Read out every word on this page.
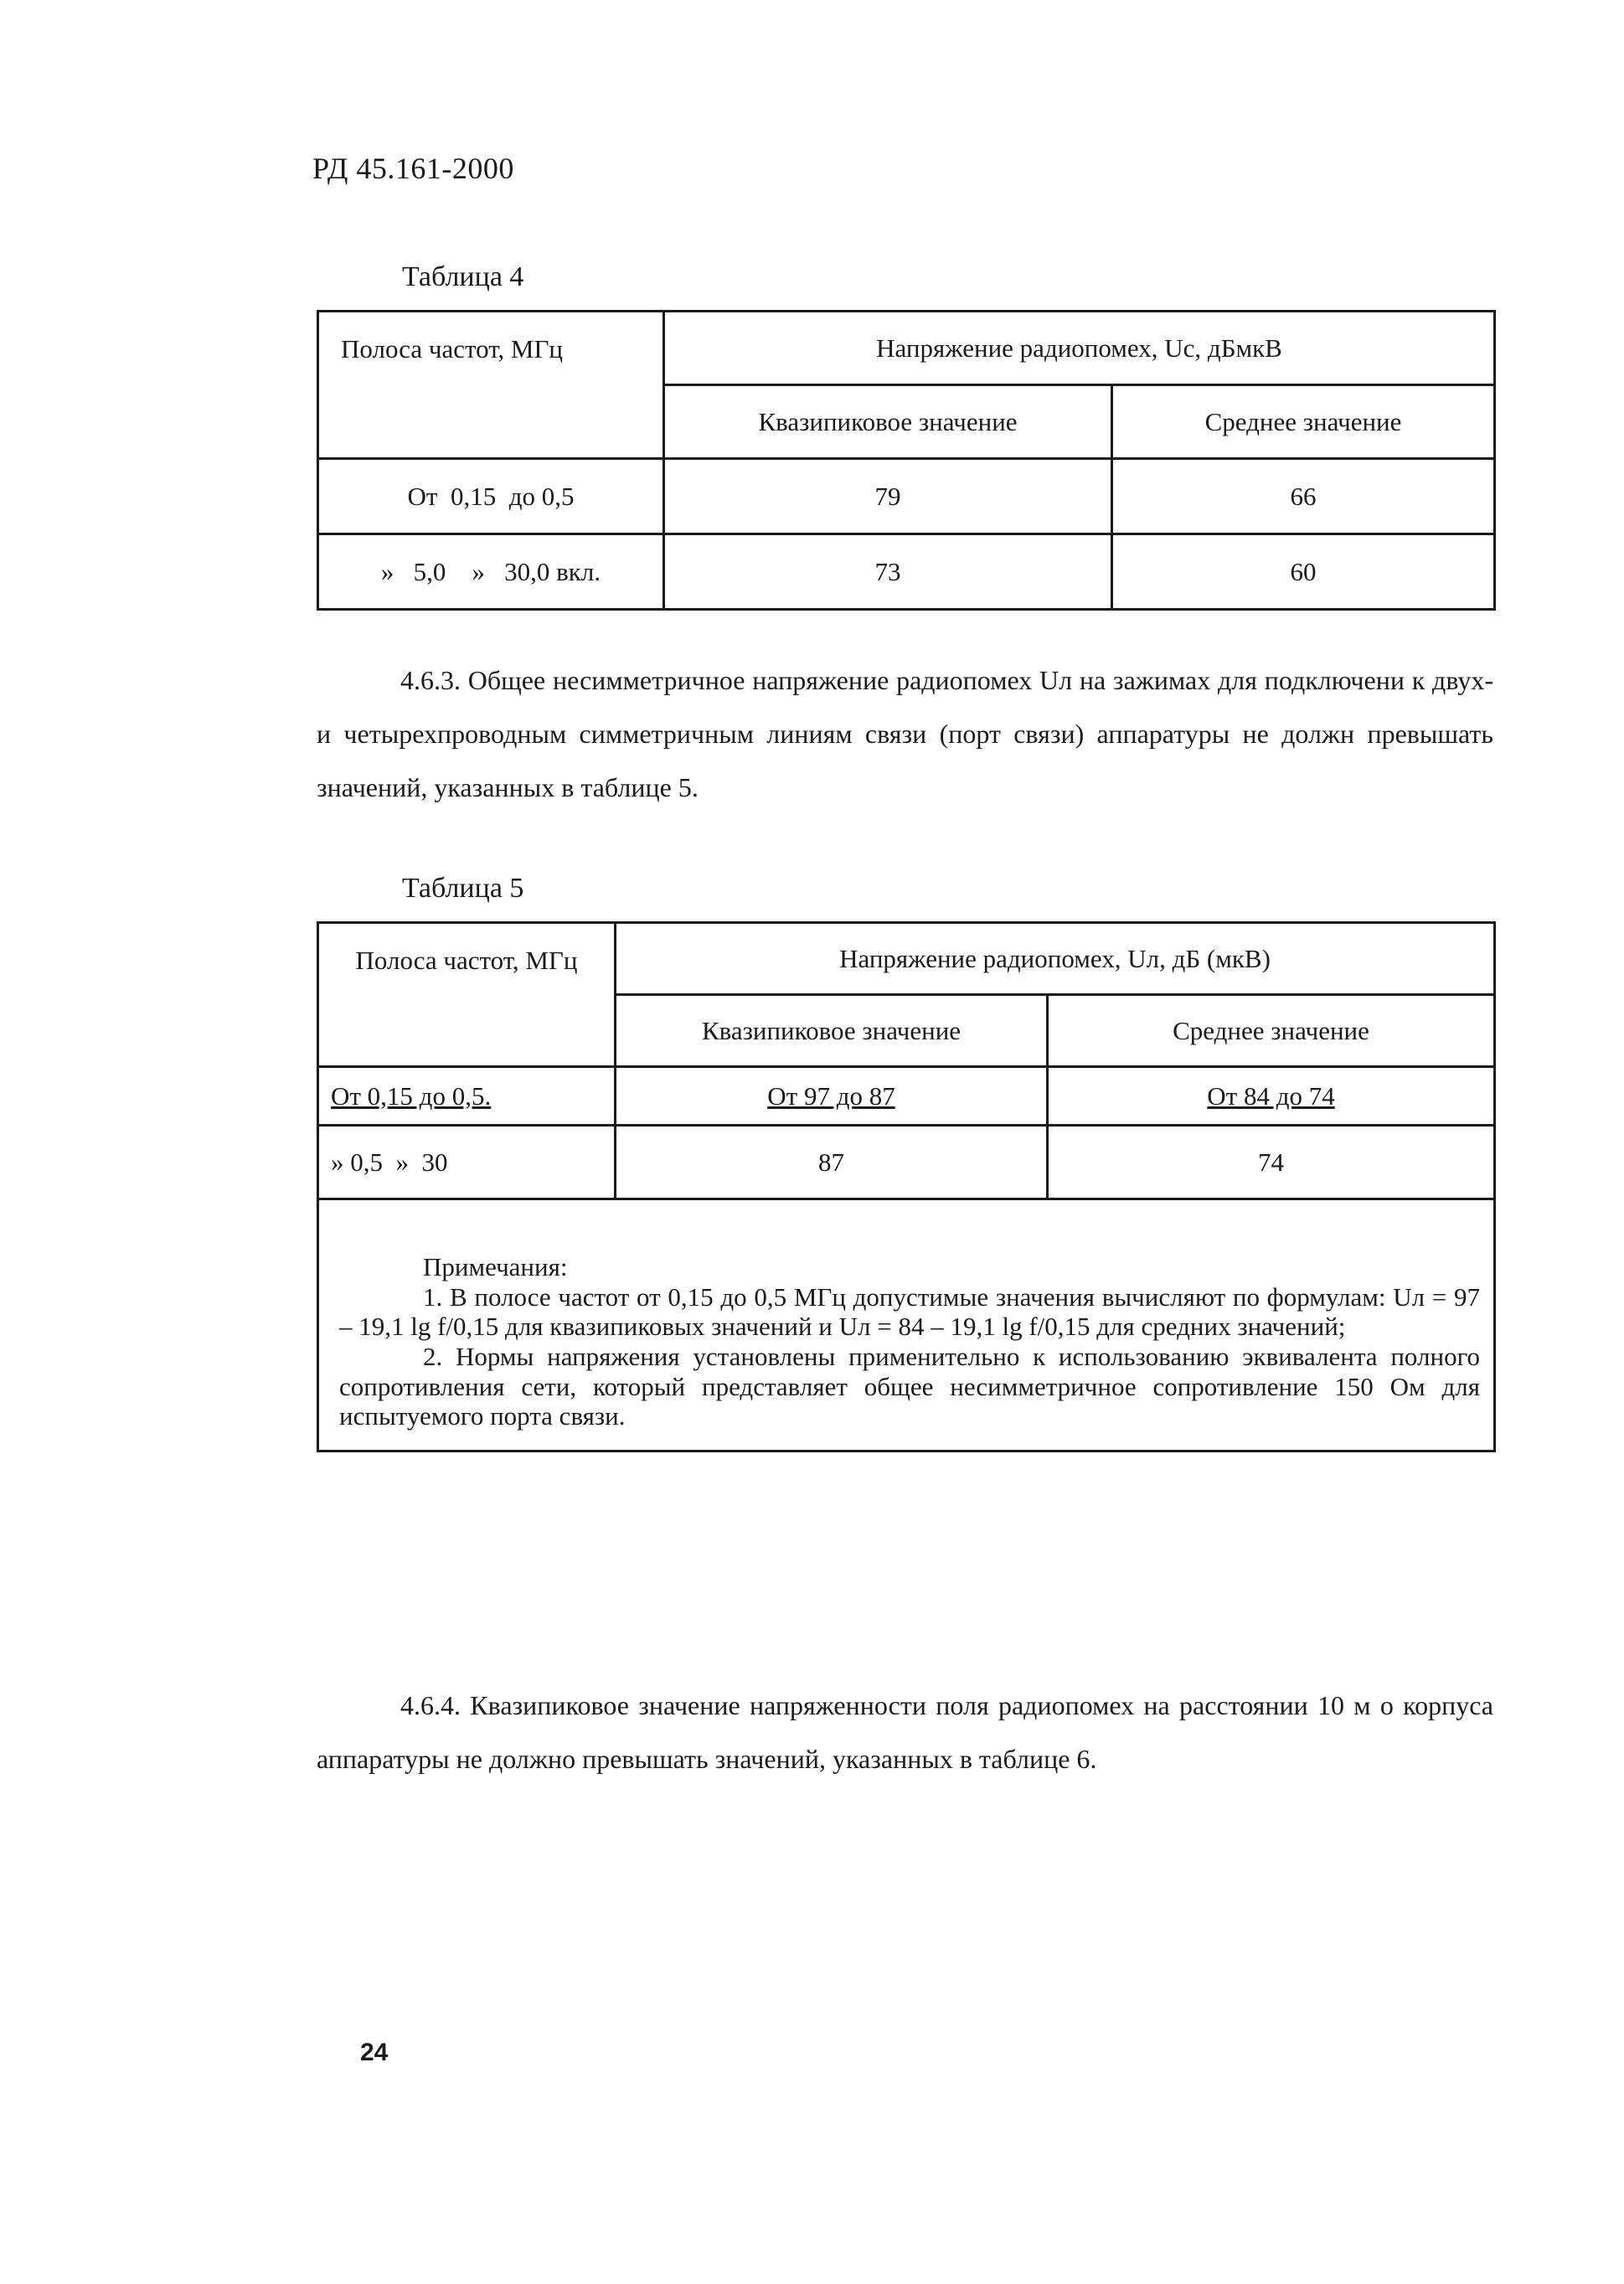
РД 45.161-2000
Таблица 4
Полоса частот, МГц	Напряжение радиопомех, Uc, дБмкВ	
	Квазипиковое значение	Среднее значение
От  0,15  до 0,5	79	66
»   5,0    »   30,0 вкл.	73	60

4.6.3. Общее несимметричное напряжение радиопомех Uл на зажимах для подключени к двух- и четырехпроводным симметричным линиям связи (порт связи) аппаратуры не должн превышать значений, указанных в таблице 5.

Таблица 5
Полоса частот, МГц	Напряжение радиопомех, Uл, дБ (мкВ)	
	Квазипиковое значение	Среднее значение
От 0,15 до 0,5.	От 97 до 87	От 84 до 74
» 0,5  »  30	87	74

Примечания:
1. В полосе частот от 0,15 до 0,5 МГц допустимые значения вычисляют по формулам: Uл = 97 – 19,1 lg f/0,15 для квазипиковых значений и Uл = 84 – 19,1 lg f/0,15 для средних значений;
2. Нормы напряжения установлены применительно к использованию эквивалента полного сопротивления сети, который представляет общее несимметричное сопротивление 150 Ом для испытуемого порта связи.		

4.6.4. Квазипиковое значение напряженности поля радиопомех на расстоянии 10 м о корпуса аппаратуры не должно превышать значений, указанных в таблице 6.

24
